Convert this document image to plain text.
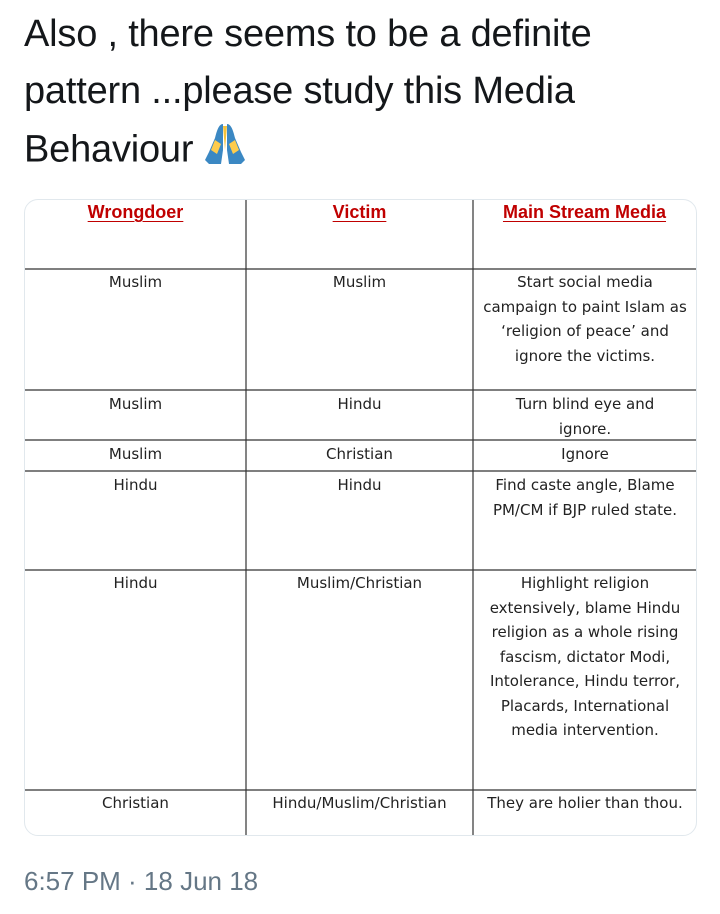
Also , there seems to be a definite pattern ...please study this Media Behaviour
Wrongdoer	Victim	Main Stream Media
Muslim	Muslim	Start social media campaign to paint Islam as ‘religion of peace’ and ignore the victims.
Muslim	Hindu	Turn blind eye and ignore.
Muslim	Christian	Ignore
Hindu	Hindu	Find caste angle, Blame PM/CM if BJP ruled state.
Hindu	Muslim/Christian	Highlight religion extensively, blame Hindu religion as a whole rising fascism, dictator Modi, Intolerance, Hindu terror, Placards, International media intervention.
Christian	Hindu/Muslim/Christian	They are holier than thou.
6:57 PM · 18 Jun 18
